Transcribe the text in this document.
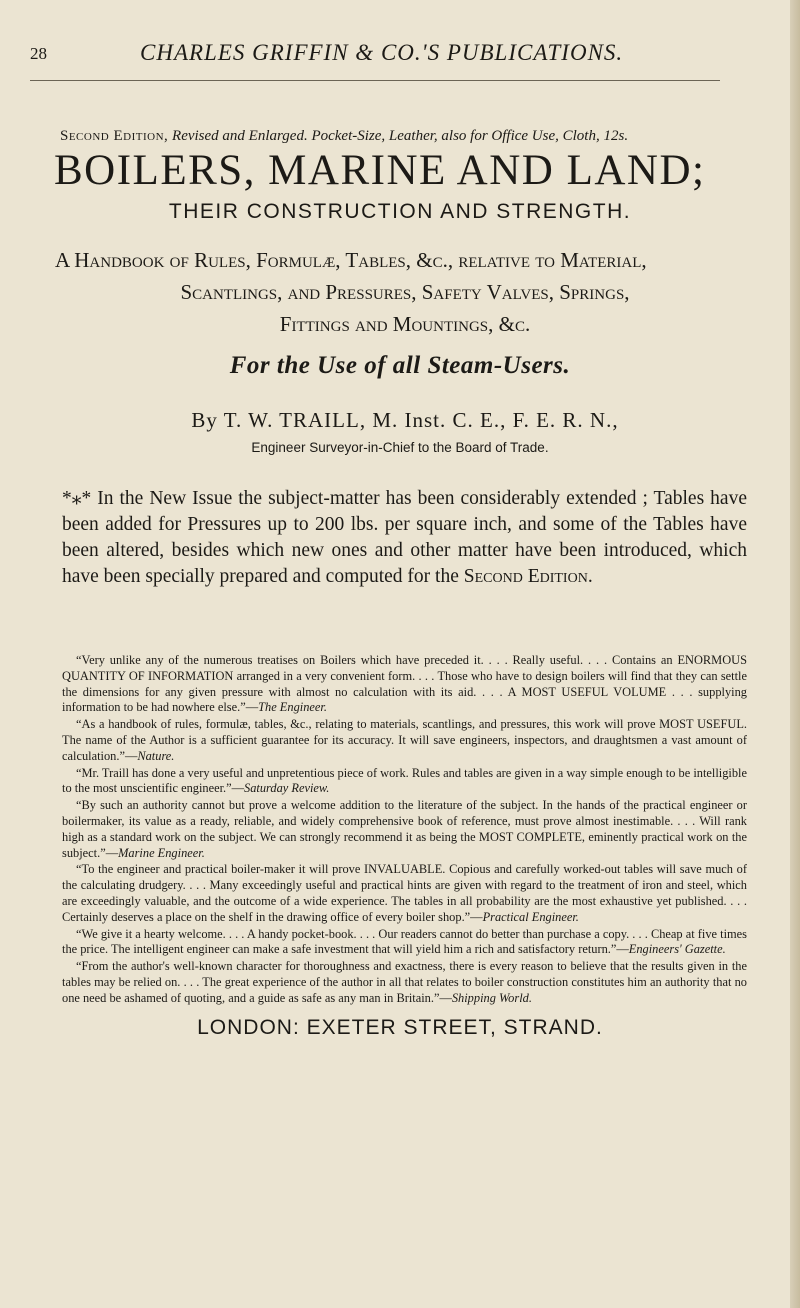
28	CHARLES GRIFFIN & CO.'S PUBLICATIONS.
Second Edition, Revised and Enlarged. Pocket-Size, Leather, also for Office Use, Cloth, 12s.
BOILERS, MARINE AND LAND;
THEIR CONSTRUCTION AND STRENGTH.
A Handbook of Rules, Formulæ, Tables, &c., relative to Material,
Scantlings, and Pressures, Safety Valves, Springs,
Fittings and Mountings, &c.
For the Use of all Steam-Users.
By T. W. TRAILL, M. Inst. C. E., F. E. R. N.,
Engineer Surveyor-in-Chief to the Board of Trade.
*⁎* In the New Issue the subject-matter has been considerably extended ; Tables have been added for Pressures up to 200 lbs. per square inch, and some of the Tables have been altered, besides which new ones and other matter have been introduced, which have been specially prepared and computed for the Second Edition.

“Very unlike any of the numerous treatises on Boilers which have preceded it. . . . Really useful. . . . Contains an ENORMOUS QUANTITY OF INFORMATION arranged in a very convenient form. . . . Those who have to design boilers will find that they can settle the dimensions for any given pressure with almost no calculation with its aid. . . . A MOST USEFUL VOLUME . . . supplying information to be had nowhere else.”—The Engineer.

“As a handbook of rules, formulæ, tables, &c., relating to materials, scantlings, and pressures, this work will prove MOST USEFUL. The name of the Author is a sufficient guarantee for its accuracy. It will save engineers, inspectors, and draughtsmen a vast amount of calculation.”—Nature.

“Mr. Traill has done a very useful and unpretentious piece of work. Rules and tables are given in a way simple enough to be intelligible to the most unscientific engineer.”—Saturday Review.

“By such an authority cannot but prove a welcome addition to the literature of the subject. In the hands of the practical engineer or boilermaker, its value as a ready, reliable, and widely comprehensive book of reference, must prove almost inestimable. . . . Will rank high as a standard work on the subject. We can strongly recommend it as being the MOST COMPLETE, eminently practical work on the subject.”—Marine Engineer.

“To the engineer and practical boiler-maker it will prove INVALUABLE. Copious and carefully worked-out tables will save much of the calculating drudgery. . . . Many exceedingly useful and practical hints are given with regard to the treatment of iron and steel, which are exceedingly valuable, and the outcome of a wide experience. The tables in all probability are the most exhaustive yet published. . . . Certainly deserves a place on the shelf in the drawing office of every boiler shop.”—Practical Engineer.

“We give it a hearty welcome. . . . A handy pocket-book. . . . Our readers cannot do better than purchase a copy. . . . Cheap at five times the price. The intelligent engineer can make a safe investment that will yield him a rich and satisfactory return.”—Engineers' Gazette.

“From the author's well-known character for thoroughness and exactness, there is every reason to believe that the results given in the tables may be relied on. . . . The great experience of the author in all that relates to boiler construction constitutes him an authority that no one need be ashamed of quoting, and a guide as safe as any man in Britain.”—Shipping World.

LONDON: EXETER STREET, STRAND.
